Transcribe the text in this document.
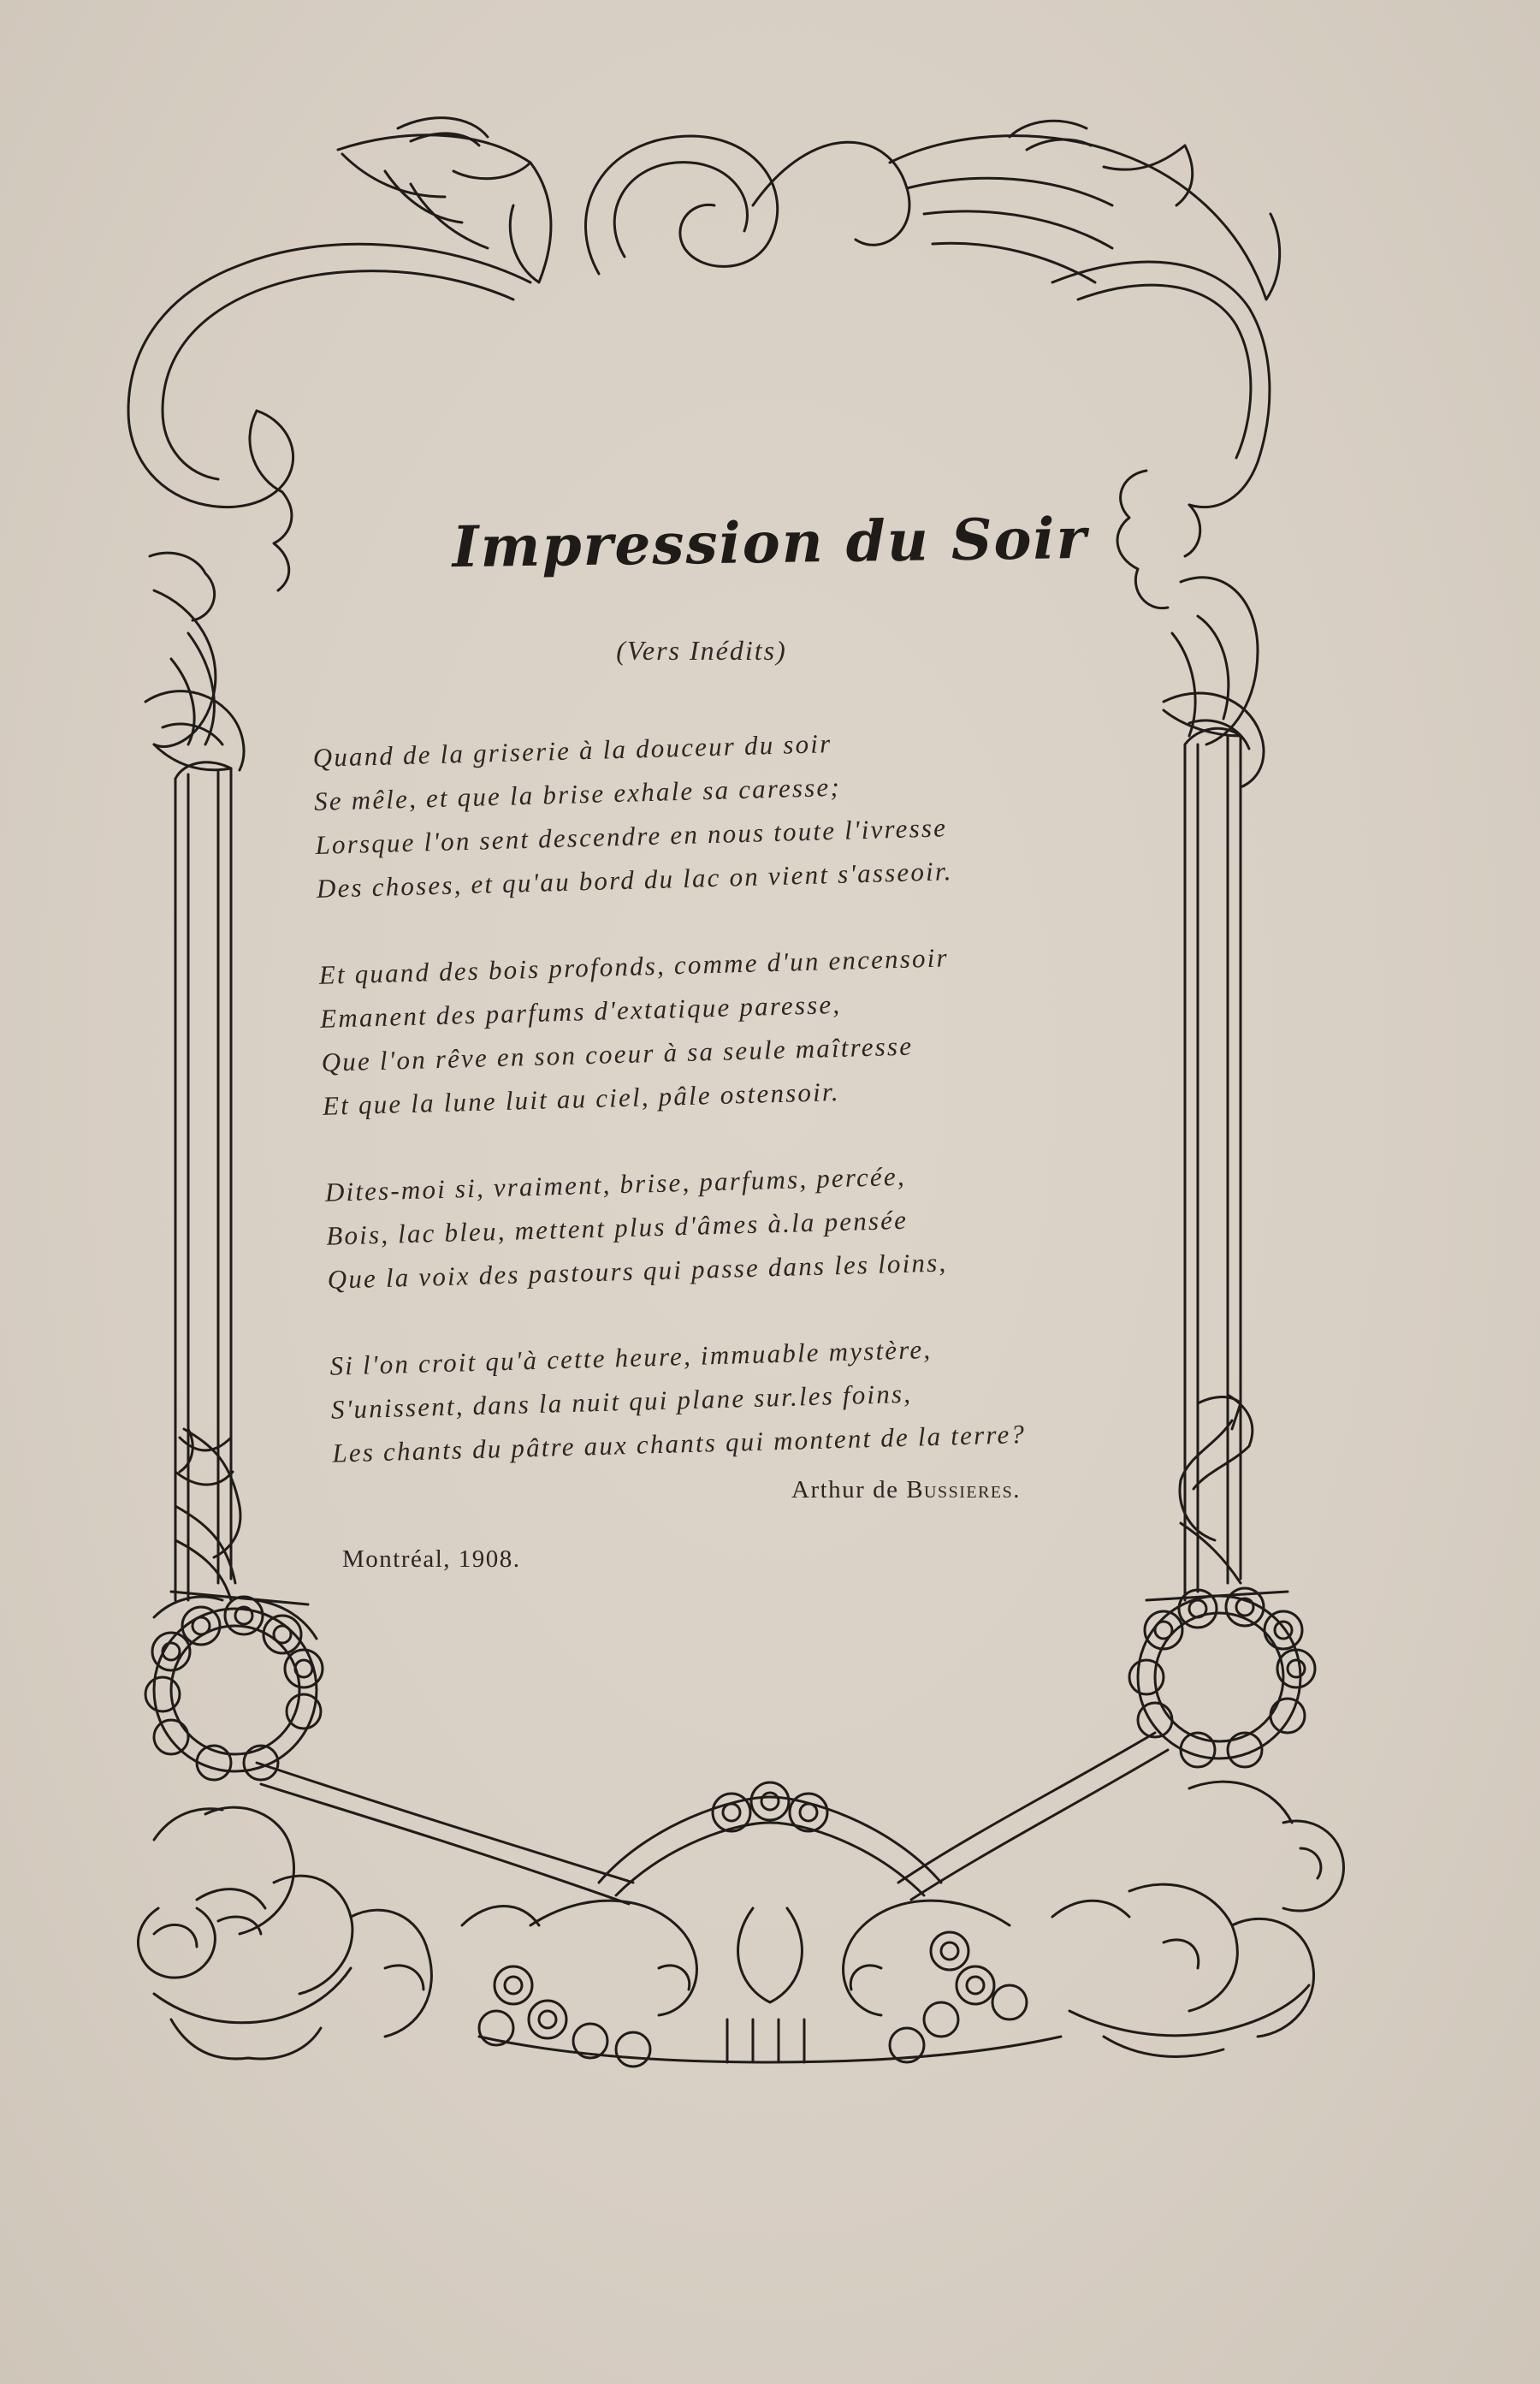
Impression du Soir
(Vers Inédits)
Quand de la griserie à la douceur du soir
Se mêle, et que la brise exhale sa caresse;
Lorsque l'on sent descendre en nous toute l'ivresse
Des choses, et qu'au bord du lac on vient s'asseoir.
Et quand des bois profonds, comme d'un encensoir
Emanent des parfums d'extatique paresse,
Que l'on rêve en son coeur à sa seule maîtresse
Et que la lune luit au ciel, pâle ostensoir.
Dites-moi si, vraiment, brise, parfums, percée,
Bois, lac bleu, mettent plus d'âmes à.la pensée
Que la voix des pastours qui passe dans les loins,
Si l'on croit qu'à cette heure, immuable mystère,
S'unissent, dans la nuit qui plane sur.les foins,
Les chants du pâtre aux chants qui montent de la terre?
Arthur de Bussieres.
Montréal, 1908.
